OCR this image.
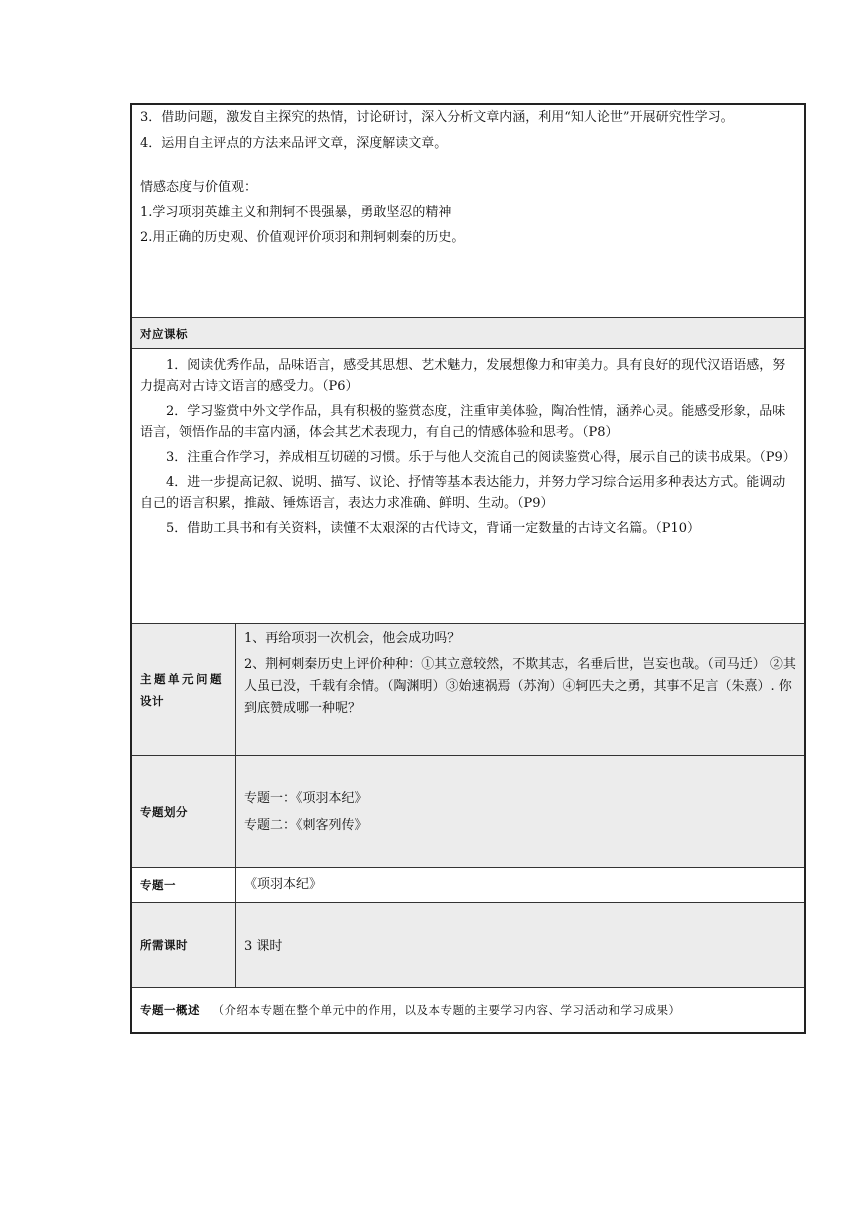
3．借助问题，激发自主探究的热情，讨论研讨，深入分析文章内涵，利用“知人论世”开展研究性学习。

4．运用自主评点的方法来品评文章，深度解读文章。

情感态度与价值观：

1.学习项羽英雄主义和荆轲不畏强暴，勇敢坚忍的精神

2.用正确的历史观、价值观评价项羽和荆轲刺秦的历史。

对应课标

1．阅读优秀作品，品味语言，感受其思想、艺术魅力，发展想像力和审美力。具有良好的现代汉语语感，努力提高对古诗文语言的感受力。（P6）

2．学习鉴赏中外文学作品，具有积极的鉴赏态度，注重审美体验，陶冶性情，涵养心灵。能感受形象，品味语言，领悟作品的丰富内涵，体会其艺术表现力，有自己的情感体验和思考。（P8）

3．注重合作学习，养成相互切磋的习惯。乐于与他人交流自己的阅读鉴赏心得，展示自己的读书成果。（P9）

4．进一步提高记叙、说明、描写、议论、抒情等基本表达能力，并努力学习综合运用多种表达方式。能调动自己的语言积累，推敲、锤炼语言，表达力求准确、鲜明、生动。（P9）

5．借助工具书和有关资料，读懂不太艰深的古代诗文，背诵一定数量的古诗文名篇。（P10）

主题单元问题设计

1、再给项羽一次机会，他会成功吗？

2、荆柯刺秦历史上评价种种：①其立意较然，不欺其志，名垂后世，岂妄也哉。（司马迁） ②其人虽已没，千载有余情。（陶渊明）③始速祸焉（苏洵）④轲匹夫之勇，其事不足言（朱熹）. 你到底赞成哪一种呢？

专题划分

专题一：《项羽本纪》

专题二：《刺客列传》

专题一	《项羽本纪》

所需课时	3 课时

专题一概述 （介绍本专题在整个单元中的作用，以及本专题的主要学习内容、学习活动和学习成果）
